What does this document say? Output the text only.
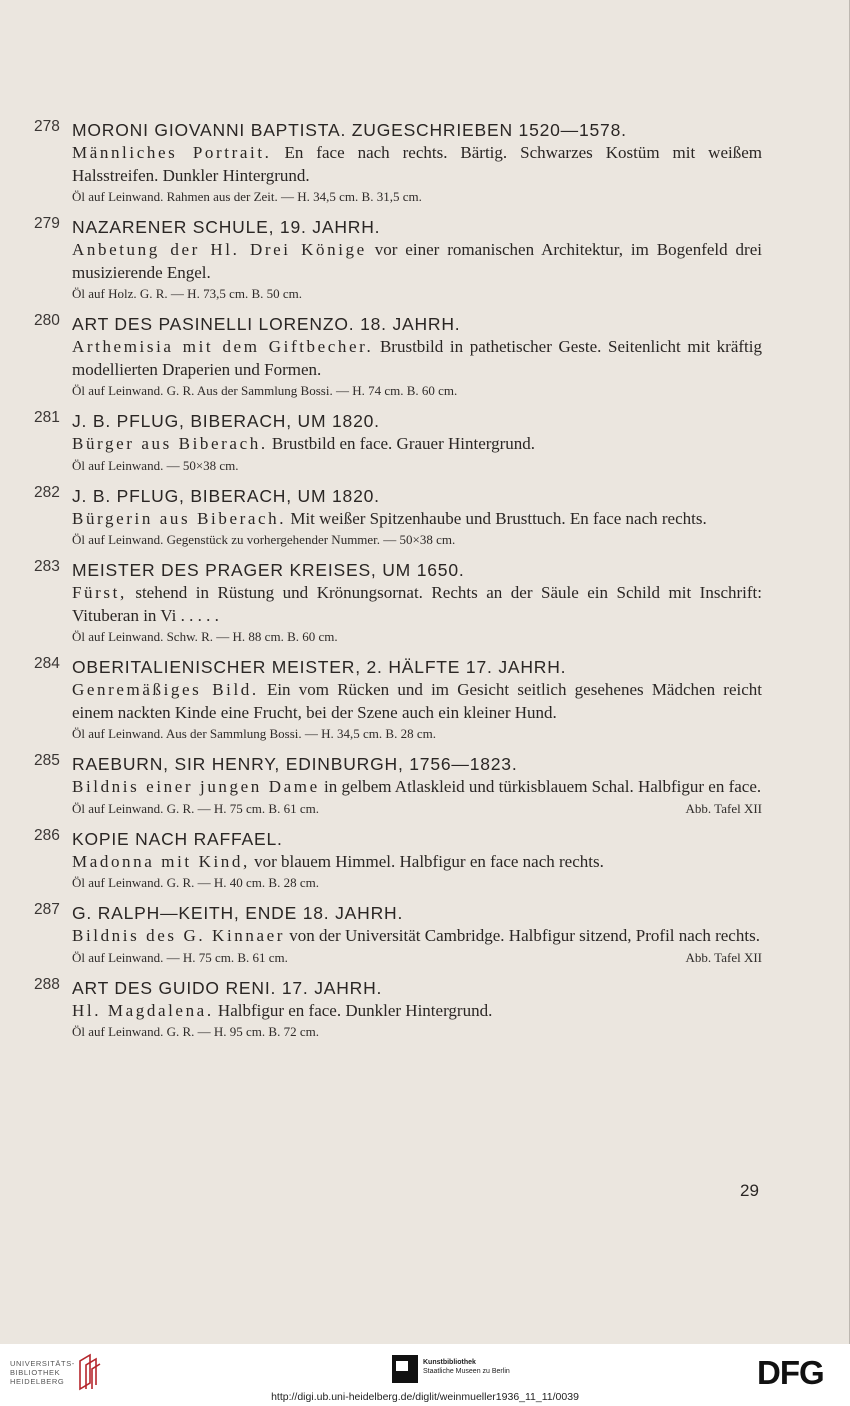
278 MORONI GIOVANNI BAPTISTA. ZUGESCHRIEBEN 1520—1578.
Männliches Portrait. En face nach rechts. Bärtig. Schwarzes Kostüm mit weißem Halsstreifen. Dunkler Hintergrund.
Öl auf Leinwand. Rahmen aus der Zeit. — H. 34,5 cm. B. 31,5 cm.
279 NAZARENER SCHULE, 19. JAHRH.
Anbetung der Hl. Drei Könige vor einer romanischen Architektur, im Bogenfeld drei musizierende Engel.
Öl auf Holz. G. R. — H. 73,5 cm. B. 50 cm.
280 ART DES PASINELLI LORENZO. 18. JAHRH.
Arthemisia mit dem Giftbecher. Brustbild in pathetischer Geste. Seitenlicht mit kräftig modellierten Draperien und Formen.
Öl auf Leinwand. G. R. Aus der Sammlung Bossi. — H. 74 cm. B. 60 cm.
281 J. B. PFLUG, BIBERACH, UM 1820.
Bürger aus Biberach. Brustbild en face. Grauer Hintergrund.
Öl auf Leinwand. — 50×38 cm.
282 J. B. PFLUG, BIBERACH, UM 1820.
Bürgerin aus Biberach. Mit weißer Spitzenhaube und Brusttuch. En face nach rechts.
Öl auf Leinwand. Gegenstück zu vorhergehender Nummer. — 50×38 cm.
283 MEISTER DES PRAGER KREISES, UM 1650.
Fürst, stehend in Rüstung und Krönungsornat. Rechts an der Säule ein Schild mit Inschrift: Vituberan in Vi . . . . .
Öl auf Leinwand. Schw. R. — H. 88 cm. B. 60 cm.
284 OBERITALIENISCHER MEISTER, 2. HÄLFTE 17. JAHRH.
Genremäßiges Bild. Ein vom Rücken und im Gesicht seitlich gesehenes Mädchen reicht einem nackten Kinde eine Frucht, bei der Szene auch ein kleiner Hund.
Öl auf Leinwand. Aus der Sammlung Bossi. — H. 34,5 cm. B. 28 cm.
285 RAEBURN, SIR HENRY, EDINBURGH, 1756—1823.
Bildnis einer jungen Dame in gelbem Atlaskleid und türkisblauem Schal. Halbfigur en face.
Öl auf Leinwand. G. R. — H. 75 cm. B. 61 cm.	Abb. Tafel XII
286 KOPIE NACH RAFFAEL.
Madonna mit Kind, vor blauem Himmel. Halbfigur en face nach rechts.
Öl auf Leinwand. G. R. — H. 40 cm. B. 28 cm.
287 G. RALPH—KEITH, ENDE 18. JAHRH.
Bildnis des G. Kinnaer von der Universität Cambridge. Halbfigur sitzend, Profil nach rechts.
Öl auf Leinwand. — H. 75 cm. B. 61 cm.	Abb. Tafel XII
288 ART DES GUIDO RENI. 17. JAHRH.
Hl. Magdalena. Halbfigur en face. Dunkler Hintergrund.
Öl auf Leinwand. G. R. — H. 95 cm. B. 72 cm.
29
UNIVERSITÄTS-
BIBLIOTHEK
HEIDELBERG
Kunstbibliothek
Staatliche Museen zu Berlin	DFG
http://digi.ub.uni-heidelberg.de/diglit/weinmueller1936_11_11/0039
